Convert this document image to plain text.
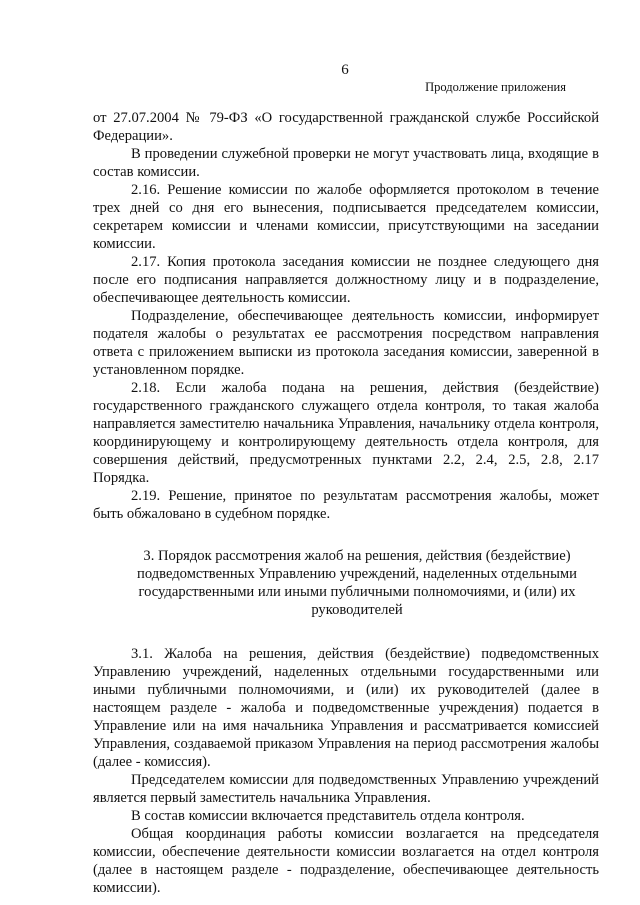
6
Продолжение приложения

от 27.07.2004 № 79-ФЗ «О государственной гражданской службе Российской Федерации».

В проведении служебной проверки не могут участвовать лица, входящие в состав комиссии.

2.16. Решение комиссии по жалобе оформляется протоколом в течение трех дней со дня его вынесения, подписывается председателем комиссии, секретарем комиссии и членами комиссии, присутствующими на заседании комиссии.

2.17. Копия протокола заседания комиссии не позднее следующего дня после его подписания направляется должностному лицу и в подразделение, обеспечивающее деятельность комиссии.

Подразделение, обеспечивающее деятельность комиссии, информирует подателя жалобы о результатах ее рассмотрения посредством направления ответа с приложением выписки из протокола заседания комиссии, заверенной в установленном порядке.

2.18. Если жалоба подана на решения, действия (бездействие) государственного гражданского служащего отдела контроля, то такая жалоба направляется заместителю начальника Управления, начальнику отдела контроля, координирующему и контролирующему деятельность отдела контроля, для совершения действий, предусмотренных пунктами 2.2, 2.4, 2.5, 2.8, 2.17 Порядка.

2.19. Решение, принятое по результатам рассмотрения жалобы, может быть обжаловано в судебном порядке.

3. Порядок рассмотрения жалоб на решения, действия (бездействие) подведомственных Управлению учреждений, наделенных отдельными государственными или иными публичными полномочиями, и (или) их руководителей

3.1. Жалоба на решения, действия (бездействие) подведомственных Управлению учреждений, наделенных отдельными государственными или иными публичными полномочиями, и (или) их руководителей (далее в настоящем разделе - жалоба и подведомственные учреждения) подается в Управление или на имя начальника Управления и рассматривается комиссией Управления, создаваемой приказом Управления на период рассмотрения жалобы (далее - комиссия).

Председателем комиссии для подведомственных Управлению учреждений является первый заместитель начальника Управления.

В состав комиссии включается представитель отдела контроля.

Общая координация работы комиссии возлагается на председателя комиссии, обеспечение деятельности комиссии возлагается на отдел контроля (далее в настоящем разделе - подразделение, обеспечивающее деятельность комиссии).
